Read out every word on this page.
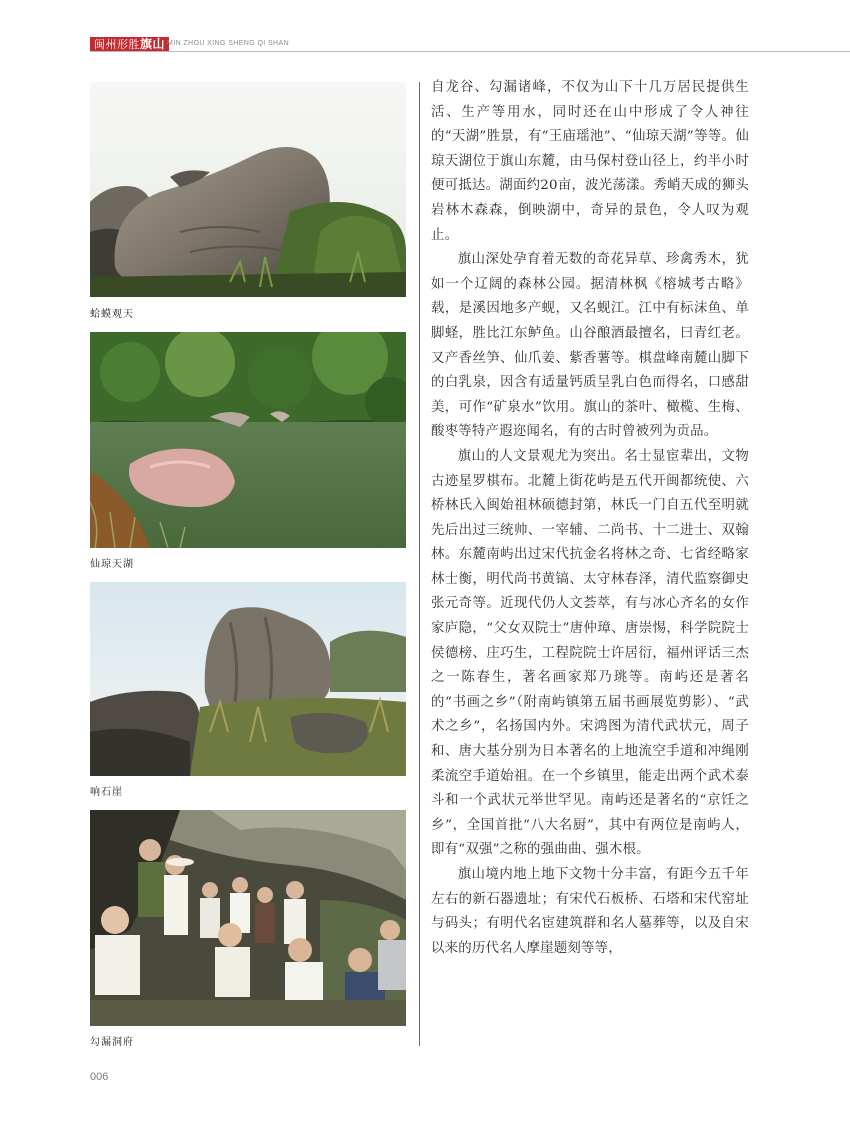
闽州形胜旗山 MIN ZHOU XING SHENG QI SHAN
蛤蟆观天
仙琼天湖
响石崖
勾漏洞府

自龙谷、勾漏诸峰，不仅为山下十几万居民提供生活、生产等用水，同时还在山中形成了令人神往的“天湖”胜景，有“王庙瑶池”、“仙琼天湖”等等。仙琼天湖位于旗山东麓，由马保村登山径上，约半小时便可抵达。湖面约20亩，波光荡漾。秀峭天成的狮头岩林木森森，倒映湖中，奇异的景色，令人叹为观止。

旗山深处孕育着无数的奇花异草、珍禽秀木，犹如一个辽阔的森林公园。据清林枫《榕城考古略》载，是溪因地多产蚬，又名蚬江。江中有标沫鱼、单脚蛏，胜比江东鲈鱼。山谷酿酒最擅名，曰青红老。又产香丝笋、仙爪姜、紫香薯等。棋盘峰南麓山脚下的白乳泉，因含有适量钙质呈乳白色而得名，口感甜美，可作“矿泉水”饮用。旗山的茶叶、橄榄、生梅、酸枣等特产遐迩闻名，有的古时曾被列为贡品。

旗山的人文景观尤为突出。名士显宦辈出，文物古迹星罗棋布。北麓上街花屿是五代开闽都统使、六桥林氏入闽始祖林硕德封第，林氏一门自五代至明就先后出过三统帅、一宰辅、二尚书、十二进士、双翰林。东麓南屿出过宋代抗金名将林之奇、七省经略家林士衡，明代尚书黄镐、太守林春泽，清代监察御史张元奇等。近现代仍人文荟萃，有与冰心齐名的女作家庐隐，“父女双院士”唐仲璋、唐崇惕，科学院院士侯德榜、庄巧生，工程院院士许居衍，福州评话三杰之一陈春生，著名画家郑乃珧等。南屿还是著名的“书画之乡”（附南屿镇第五届书画展览剪影）、“武术之乡”，名扬国内外。宋鸿图为清代武状元，周子和、唐大基分别为日本著名的上地流空手道和冲绳刚柔流空手道始祖。在一个乡镇里，能走出两个武术泰斗和一个武状元举世罕见。南屿还是著名的“京饪之乡”，全国首批“八大名厨”，其中有两位是南屿人，即有“双强”之称的强曲曲、强木根。

旗山境内地上地下文物十分丰富，有距今五千年左右的新石器遗址；有宋代石板桥、石塔和宋代窑址与码头；有明代名宦建筑群和名人墓葬等，以及自宋以来的历代名人摩崖题刻等等，

006
